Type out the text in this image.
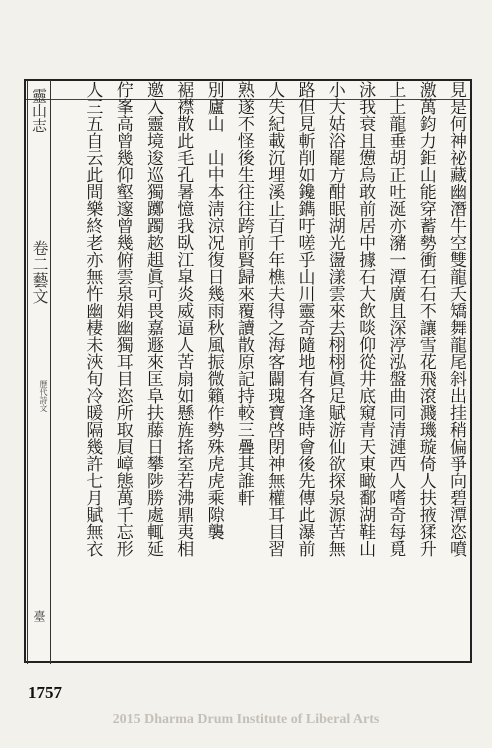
靈山志
卷二藝文
歷代詩文
臺
見是何神祕藏幽潛牛空雙龍夭矯舞龍尾斜出挂稍偏爭向碧潭恣噴
激萬鈞力鉅山能穿蓄勢衝石石不讓雪花飛滾濺璣璇倚人扶掖猱升
上上龍垂胡正吐涎亦瀦一潭廣且深渟泓盤曲同清漣西人嗜奇每覓
泳我衰且憊烏敢前居中據石大飲啖仰從井底窺青天東瞰鄱湖鞋山
小大姑浴罷方酣眠湖光盪漾雲來去栩栩眞足賦游仙欲探泉源苦無
路但見斬削如鑱鐫吁嗟乎山川靈奇隨地有各逢時會後先傳此瀑前
人失紀載沉埋溪止百千年樵夫得之海客闢瑰寶啓閉神無權耳目習
熟遂不怪後生往往跨前賢歸來覆讀散原記持較三疊其誰軒
別廬山　山中本淸涼况復日幾雨秋風振微籟作勢殊虎虎乘隙襲
裾襟散此毛孔暑憶我臥江皐炎威逼人苦扇如懸旌搖室若沸鼎夷相
邀入靈境逡巡獨躑躅趑趄眞可畏嘉遯來匡阜扶藤日攀陟勝處輒延
佇峯高曾幾仰壑邃曾幾俯雲泉娟幽獨耳目恣所取屓嶂態萬千忘形
人三五自云此間樂終老亦無忤幽棲未浹旬冷暖隔幾許七月賦無衣
1757
2015 Dharma Drum Institute of Liberal Arts
